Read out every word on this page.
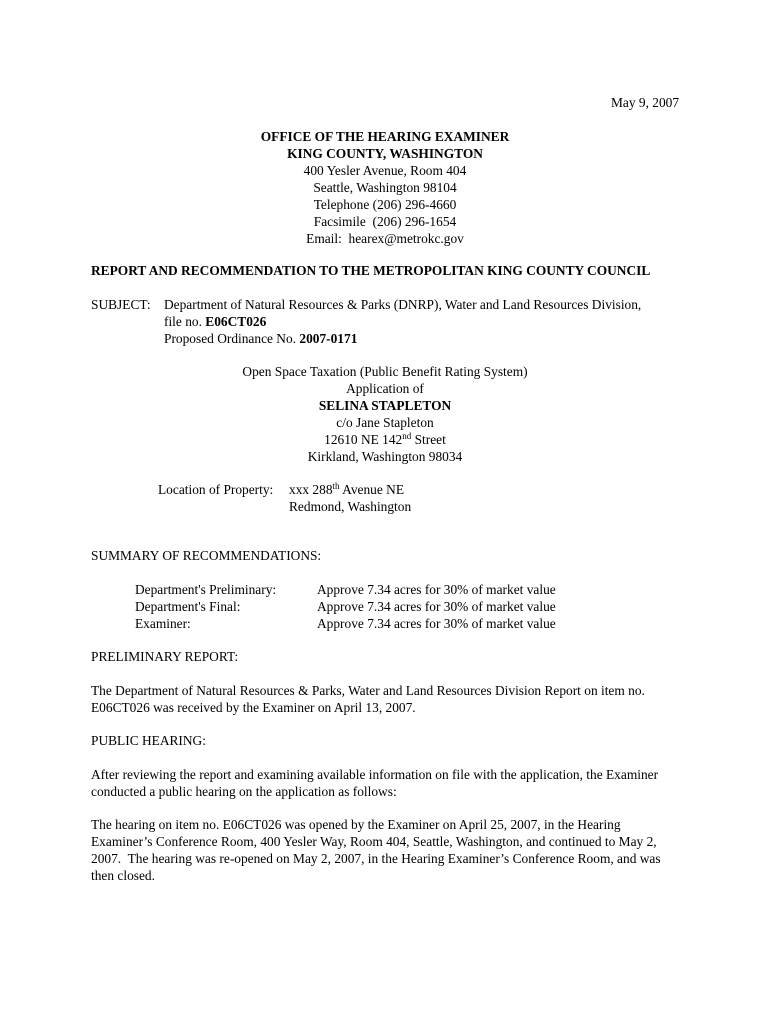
May 9, 2007
OFFICE OF THE HEARING EXAMINER
KING COUNTY, WASHINGTON
400 Yesler Avenue, Room 404
Seattle, Washington 98104
Telephone (206) 296-4660
Facsimile  (206) 296-1654
Email:  hearex@metrokc.gov
REPORT AND RECOMMENDATION TO THE METROPOLITAN KING COUNTY COUNCIL
SUBJECT: Department of Natural Resources & Parks (DNRP), Water and Land Resources Division,
file no. E06CT026
Proposed Ordinance No. 2007-0171
Open Space Taxation (Public Benefit Rating System)
Application of
SELINA STAPLETON
c/o Jane Stapleton
12610 NE 142nd Street
Kirkland, Washington 98034
Location of Property: xxx 288th Avenue NE
Redmond, Washington
SUMMARY OF RECOMMENDATIONS:
Department's Preliminary:	Approve 7.34 acres for 30% of market value
Department's Final:	Approve 7.34 acres for 30% of market value
Examiner:	Approve 7.34 acres for 30% of market value
PRELIMINARY REPORT:

The Department of Natural Resources & Parks, Water and Land Resources Division Report on item no. E06CT026 was received by the Examiner on April 13, 2007.

PUBLIC HEARING:

After reviewing the report and examining available information on file with the application, the Examiner conducted a public hearing on the application as follows:

The hearing on item no. E06CT026 was opened by the Examiner on April 25, 2007, in the Hearing Examiner’s Conference Room, 400 Yesler Way, Room 404, Seattle, Washington, and continued to May 2, 2007.  The hearing was re-opened on May 2, 2007, in the Hearing Examiner’s Conference Room, and was then closed.
